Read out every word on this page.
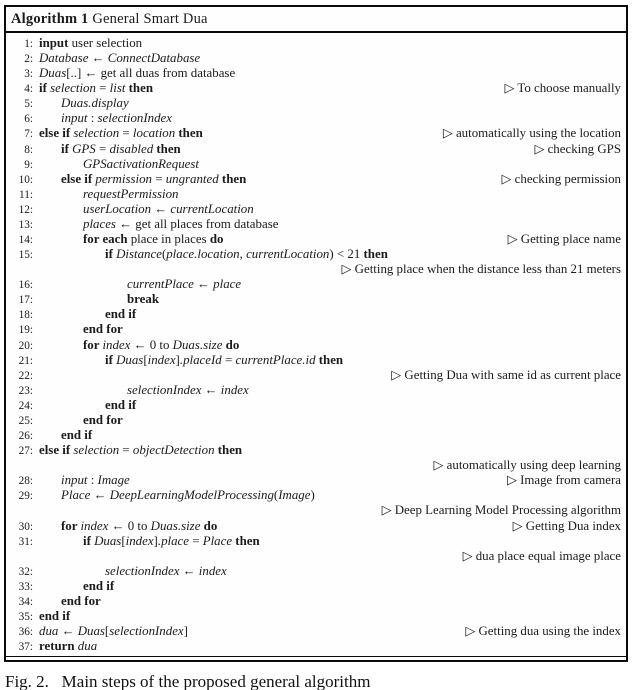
Algorithm 1 General Smart Dua
1: input user selection
2: Database ← ConnectDatabase
3: Duas[..] ← get all duas from database
4: if selection = list then	▷ To choose manually
5:	Duas.display
6:	input : selectionIndex
7: else if selection = location then	▷ automatically using the location
8:	if GPS = disabled then	▷ checking GPS
9:	GPSactivationRequest
10:	else if permission = ungranted then	▷ checking permission
11:	requestPermission
12:	userLocation ← currentLocation
13:	places ← get all places from database
14:	for each place in places do	▷ Getting place name
15:	if Distance(place.location, currentLocation) < 21 then
▷ Getting place when the distance less than 21 meters
16:	currentPlace ← place
17:	break
18:	end if
19:	end for
20:	for index ← 0 to Duas.size do
21:	if Duas[index].placeId = currentPlace.id then
22:	▷ Getting Dua with same id as current place
23:	selectionIndex ← index
24:	end if
25:	end for
26:	end if
27: else if selection = objectDetection then
▷ automatically using deep learning
28:	input : Image	▷ Image from camera
29:	Place ← DeepLearningModelProcessing(Image)
▷ Deep Learning Model Processing algorithm
30:	for index ← 0 to Duas.size do	▷ Getting Dua index
31:	if Duas[index].place = Place then
▷ dua place equal image place
32:	selectionIndex ← index
33:	end if
34:	end for
35: end if
36: dua ← Duas[selectionIndex]	▷ Getting dua using the index
37: return dua
Fig. 2.   Main steps of the proposed general algorithm
